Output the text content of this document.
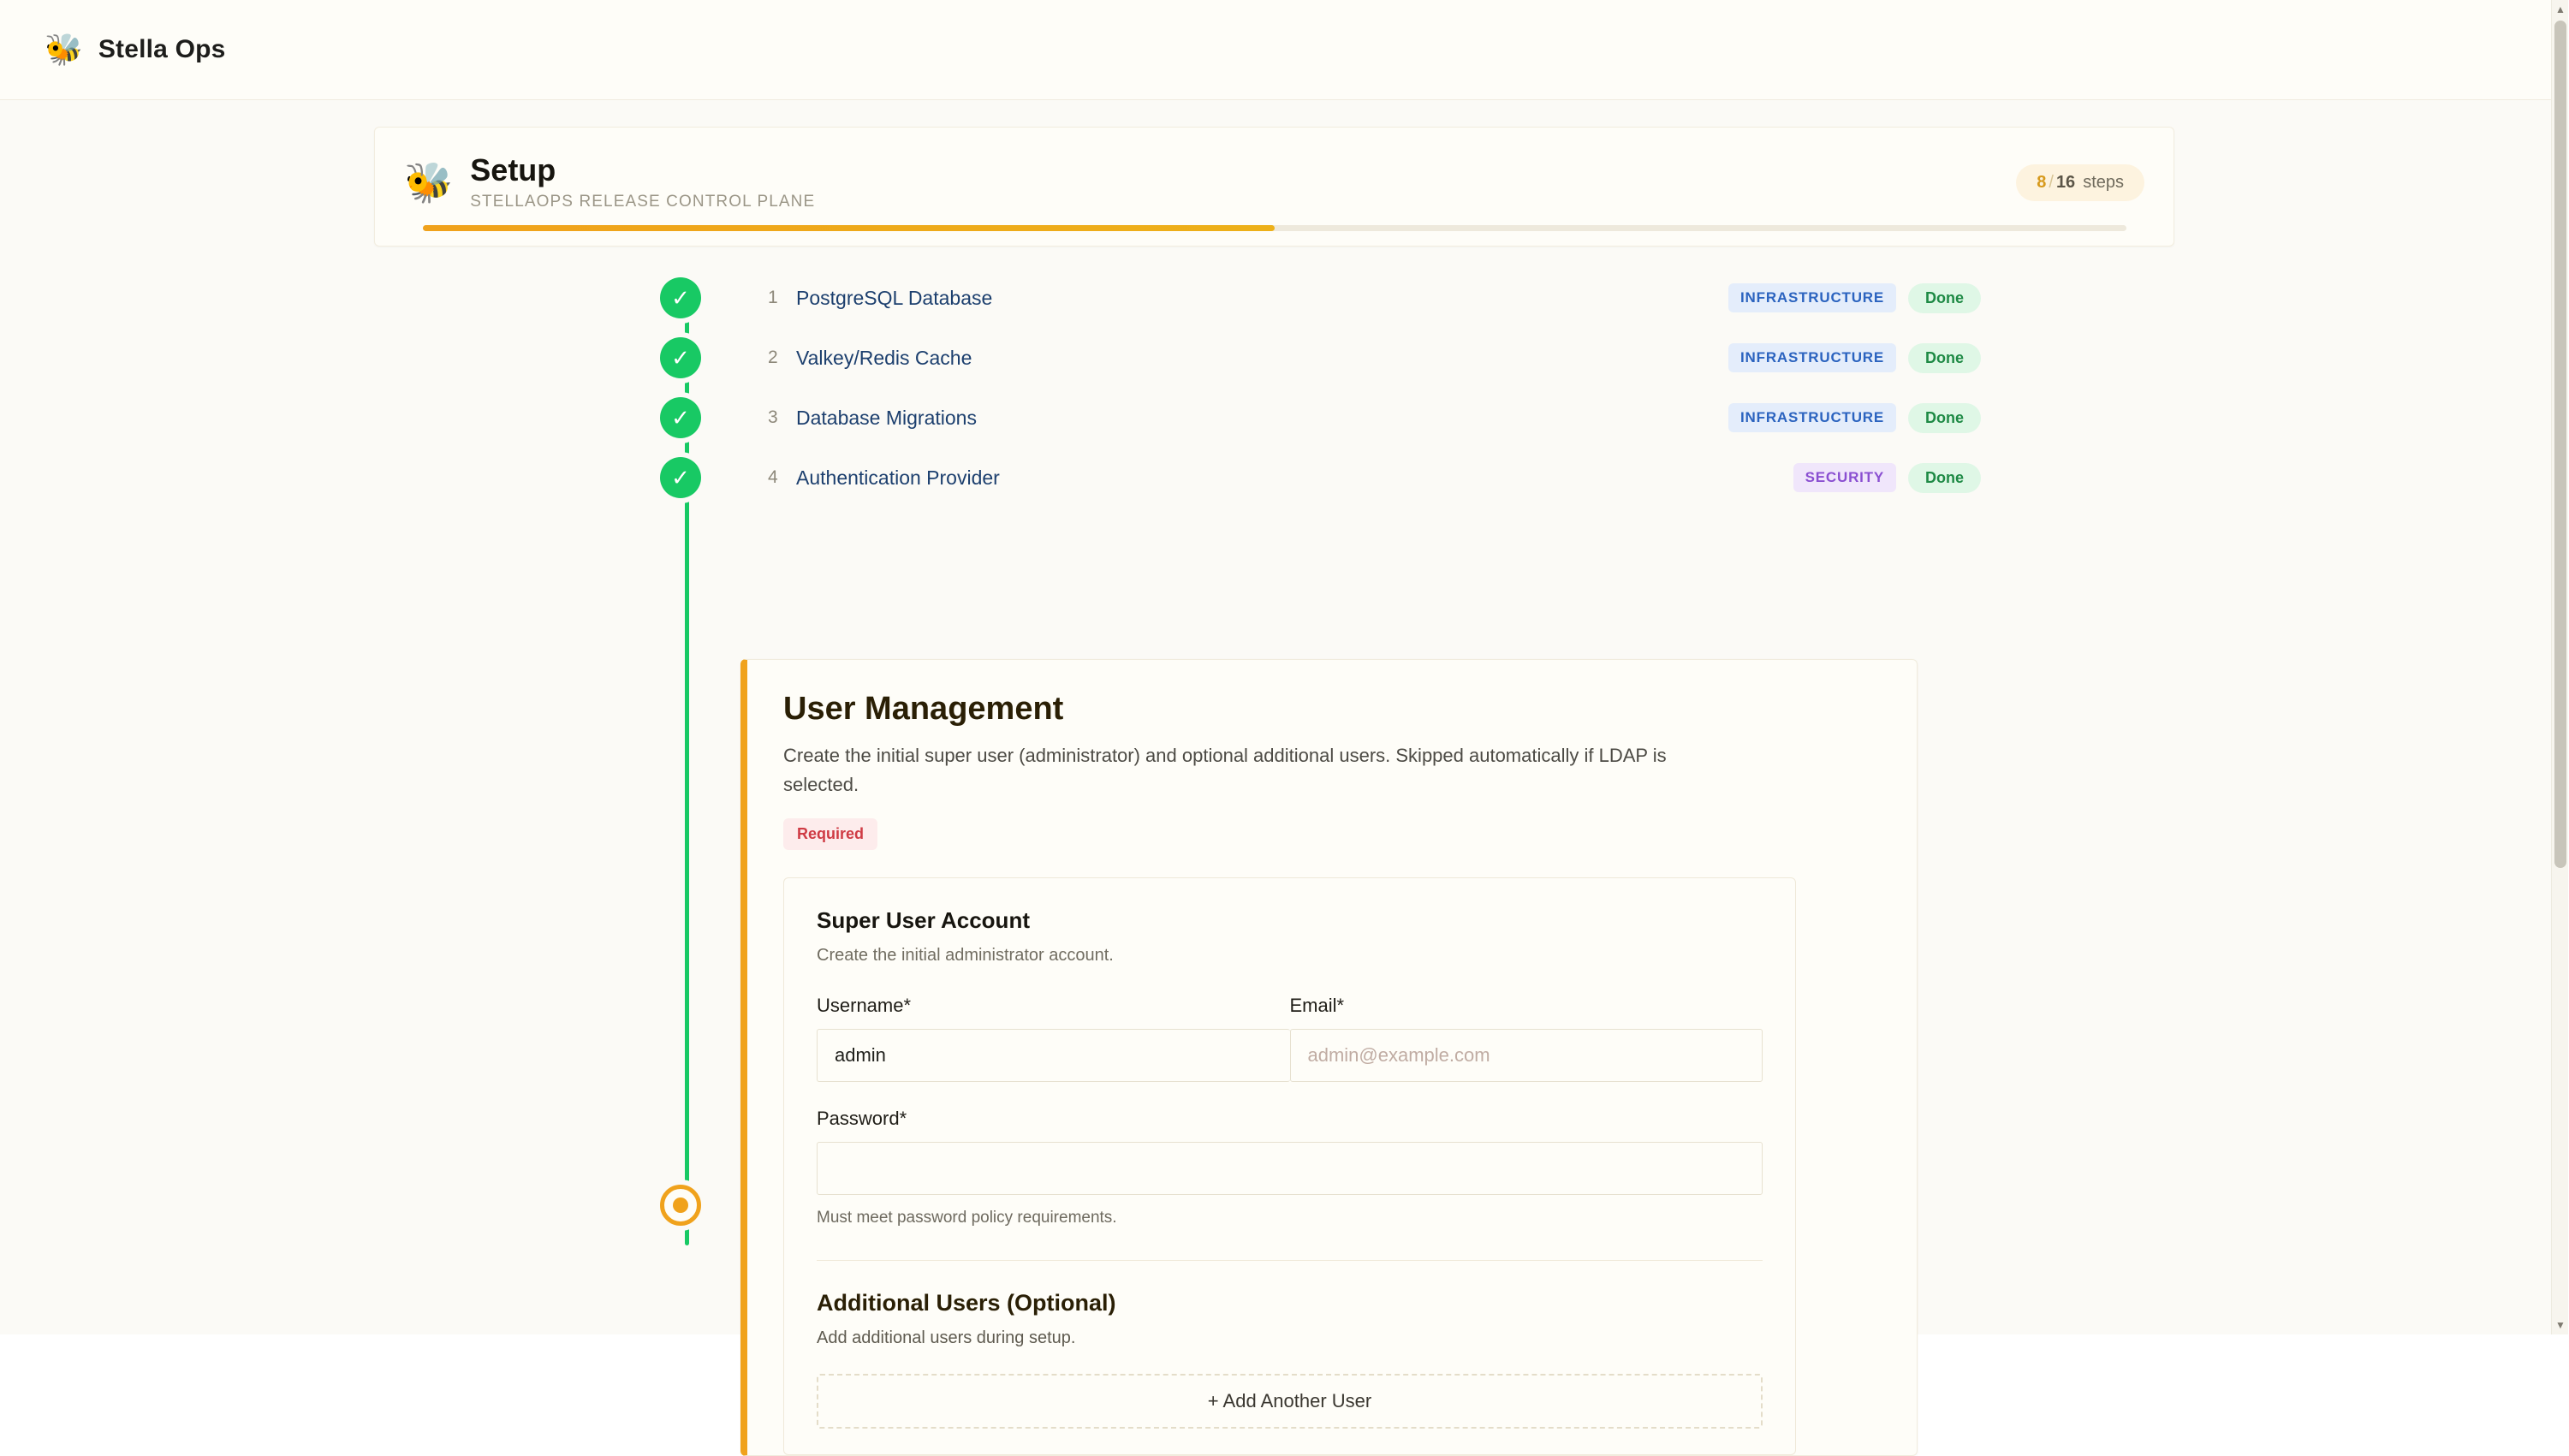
🐝 Stella Ops
🐝 Setup
STELLAOPS RELEASE CONTROL PLANE
8 / 16 steps
✓	1 PostgreSQL Database	INFRASTRUCTURE	Done
✓	2 Valkey/Redis Cache	INFRASTRUCTURE	Done
✓	3 Database Migrations	INFRASTRUCTURE	Done
✓	4 Authentication Provider	SECURITY	Done
User Management
Create the initial super user (administrator) and optional additional users. Skipped automatically if LDAP is selected.
Required
Super User Account
Create the initial administrator account.
Username*
admin
Email*
admin@example.com
Password*
Must meet password policy requirements.
Additional Users (Optional)
Add additional users during setup.
+ Add Another User
▲
▼
